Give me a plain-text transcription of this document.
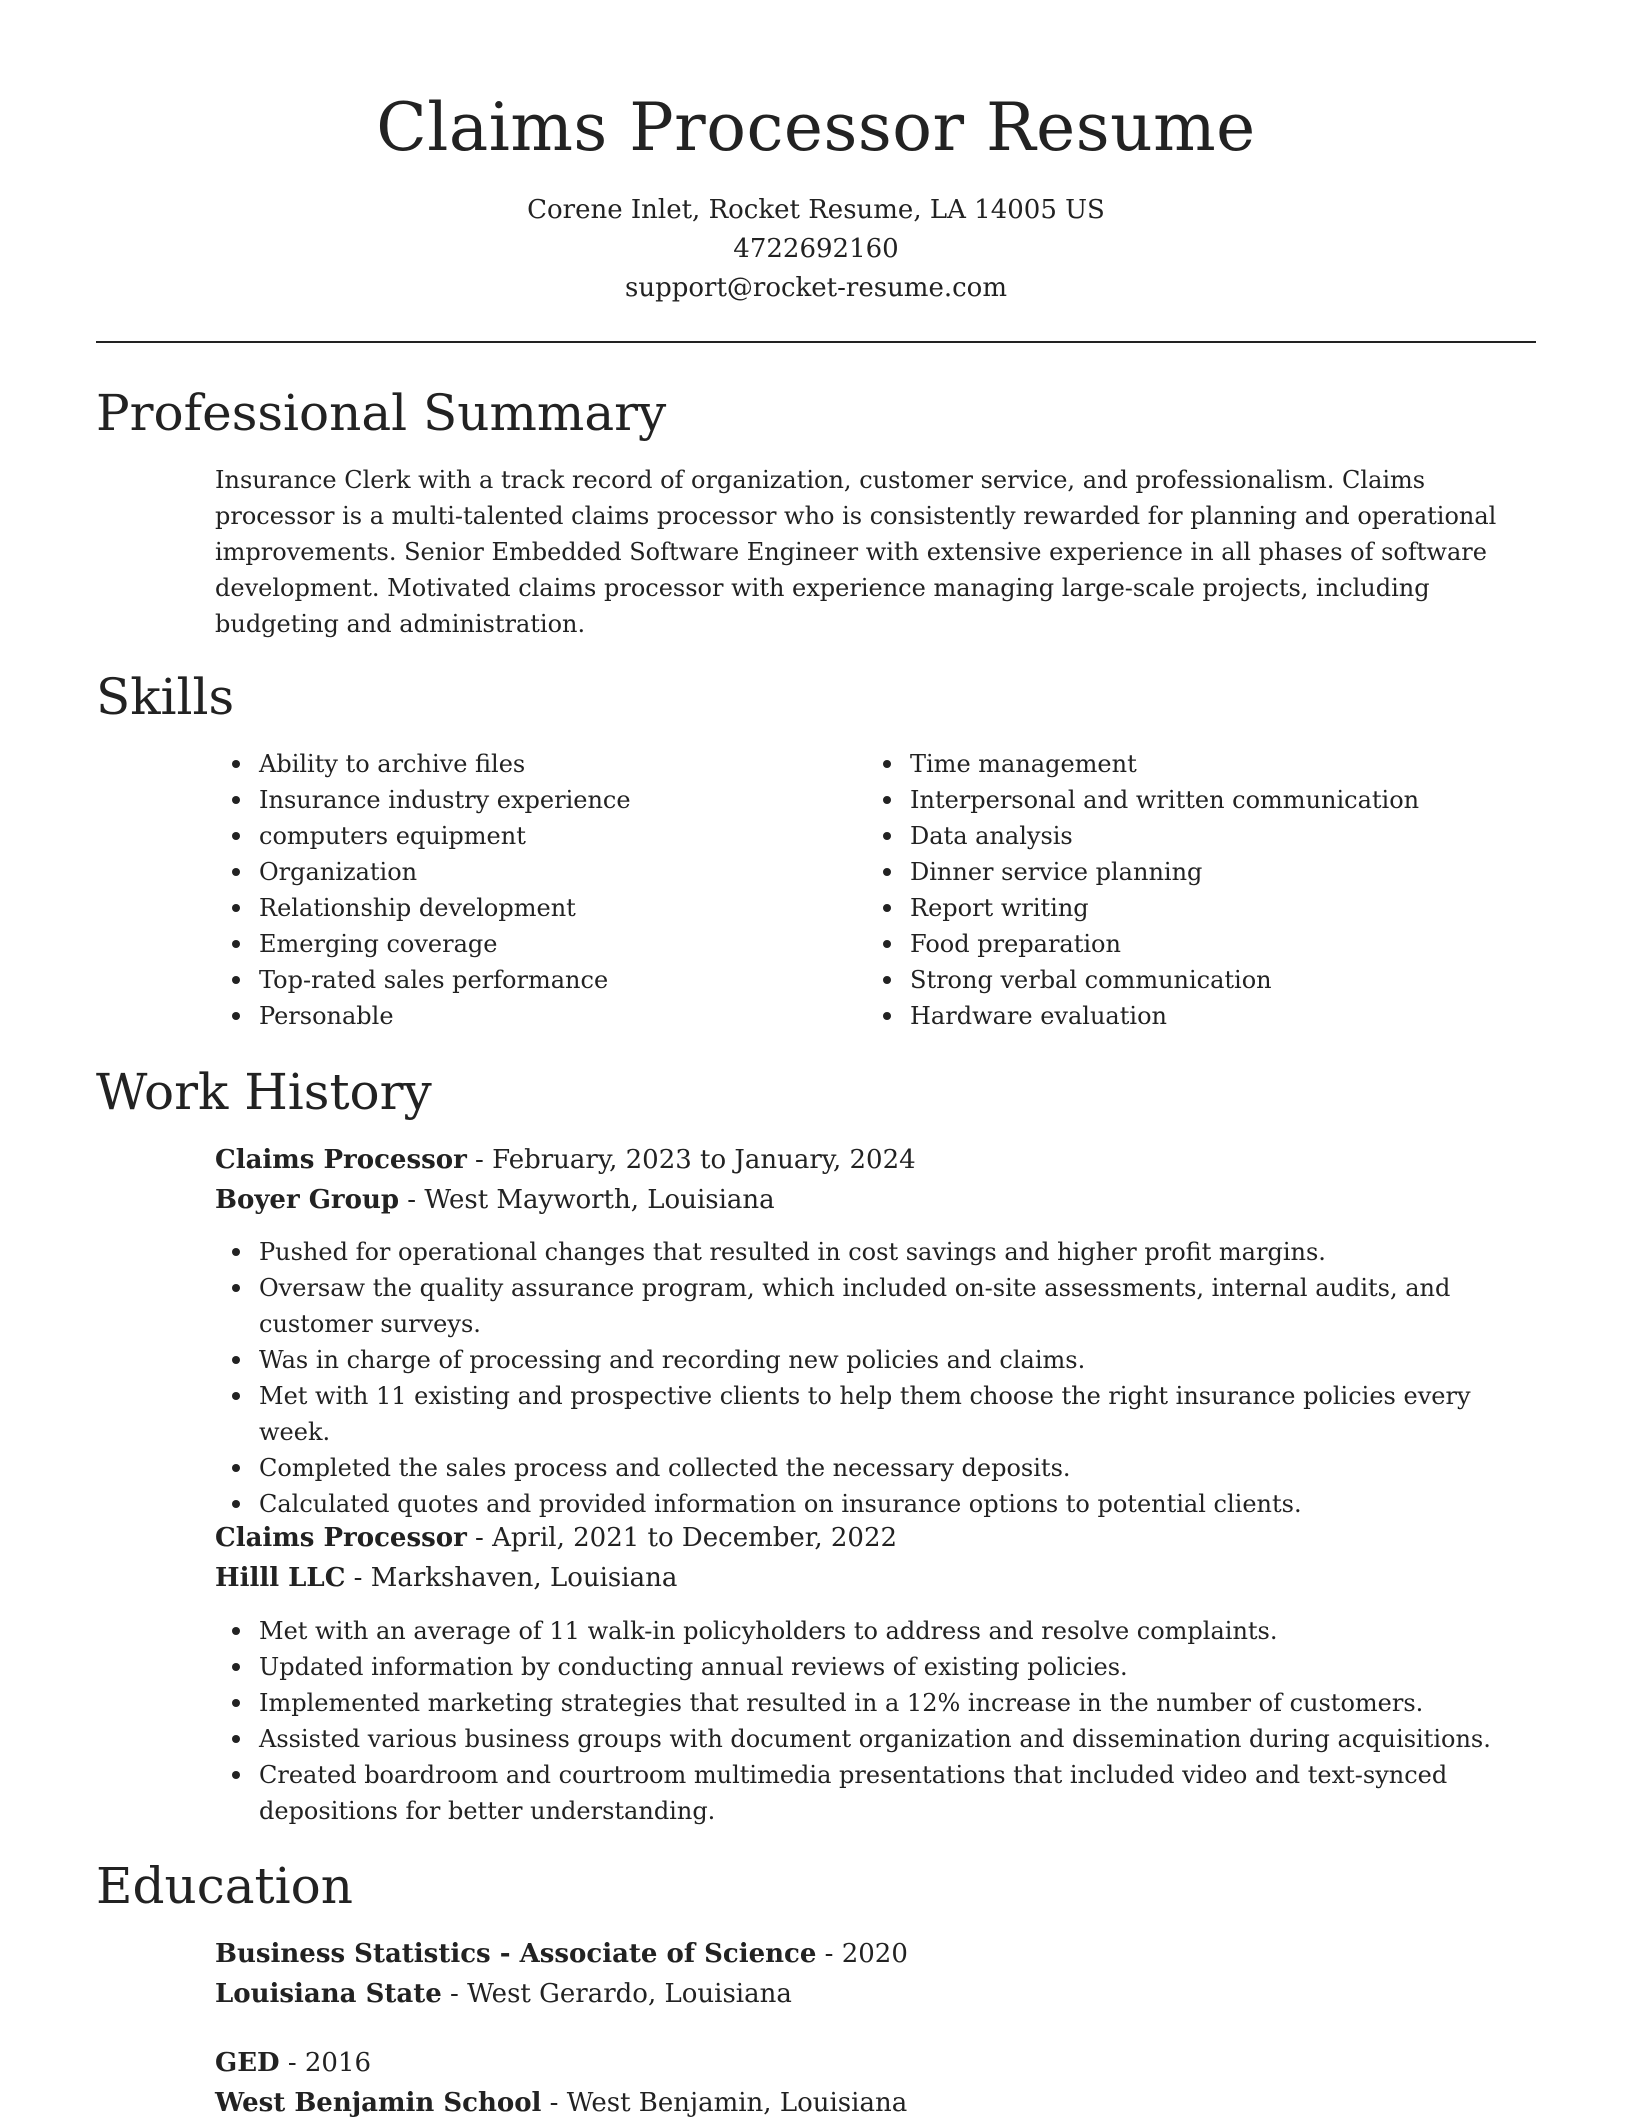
Claims Processor Resume
Corene Inlet, Rocket Resume, LA 14005 US
4722692160
support@rocket-resume.com
Professional Summary

Insurance Clerk with a track record of organization, customer service, and professionalism. Claims processor is a multi-talented claims processor who is consistently rewarded for planning and operational improvements. Senior Embedded Software Engineer with extensive experience in all phases of software development. Motivated claims processor with experience managing large-scale projects, including budgeting and administration.

Skills
Ability to archive files
Insurance industry experience
computers equipment
Organization
Relationship development
Emerging coverage
Top-rated sales performance
Personable
Time management
Interpersonal and written communication
Data analysis
Dinner service planning
Report writing
Food preparation
Strong verbal communication
Hardware evaluation
Work History
Claims Processor - February, 2023 to January, 2024
Boyer Group - West Mayworth, Louisiana
Pushed for operational changes that resulted in cost savings and higher profit margins.
Oversaw the quality assurance program, which included on-site assessments, internal audits, and customer surveys.
Was in charge of processing and recording new policies and claims.
Met with 11 existing and prospective clients to help them choose the right insurance policies every week.
Completed the sales process and collected the necessary deposits.
Calculated quotes and provided information on insurance options to potential clients.
Claims Processor - April, 2021 to December, 2022
Hilll LLC - Markshaven, Louisiana
Met with an average of 11 walk-in policyholders to address and resolve complaints.
Updated information by conducting annual reviews of existing policies.
Implemented marketing strategies that resulted in a 12% increase in the number of customers.
Assisted various business groups with document organization and dissemination during acquisitions.
Created boardroom and courtroom multimedia presentations that included video and text-synced depositions for better understanding.
Education
Business Statistics - Associate of Science - 2020
Louisiana State - West Gerardo, Louisiana
GED - 2016
West Benjamin School - West Benjamin, Louisiana
